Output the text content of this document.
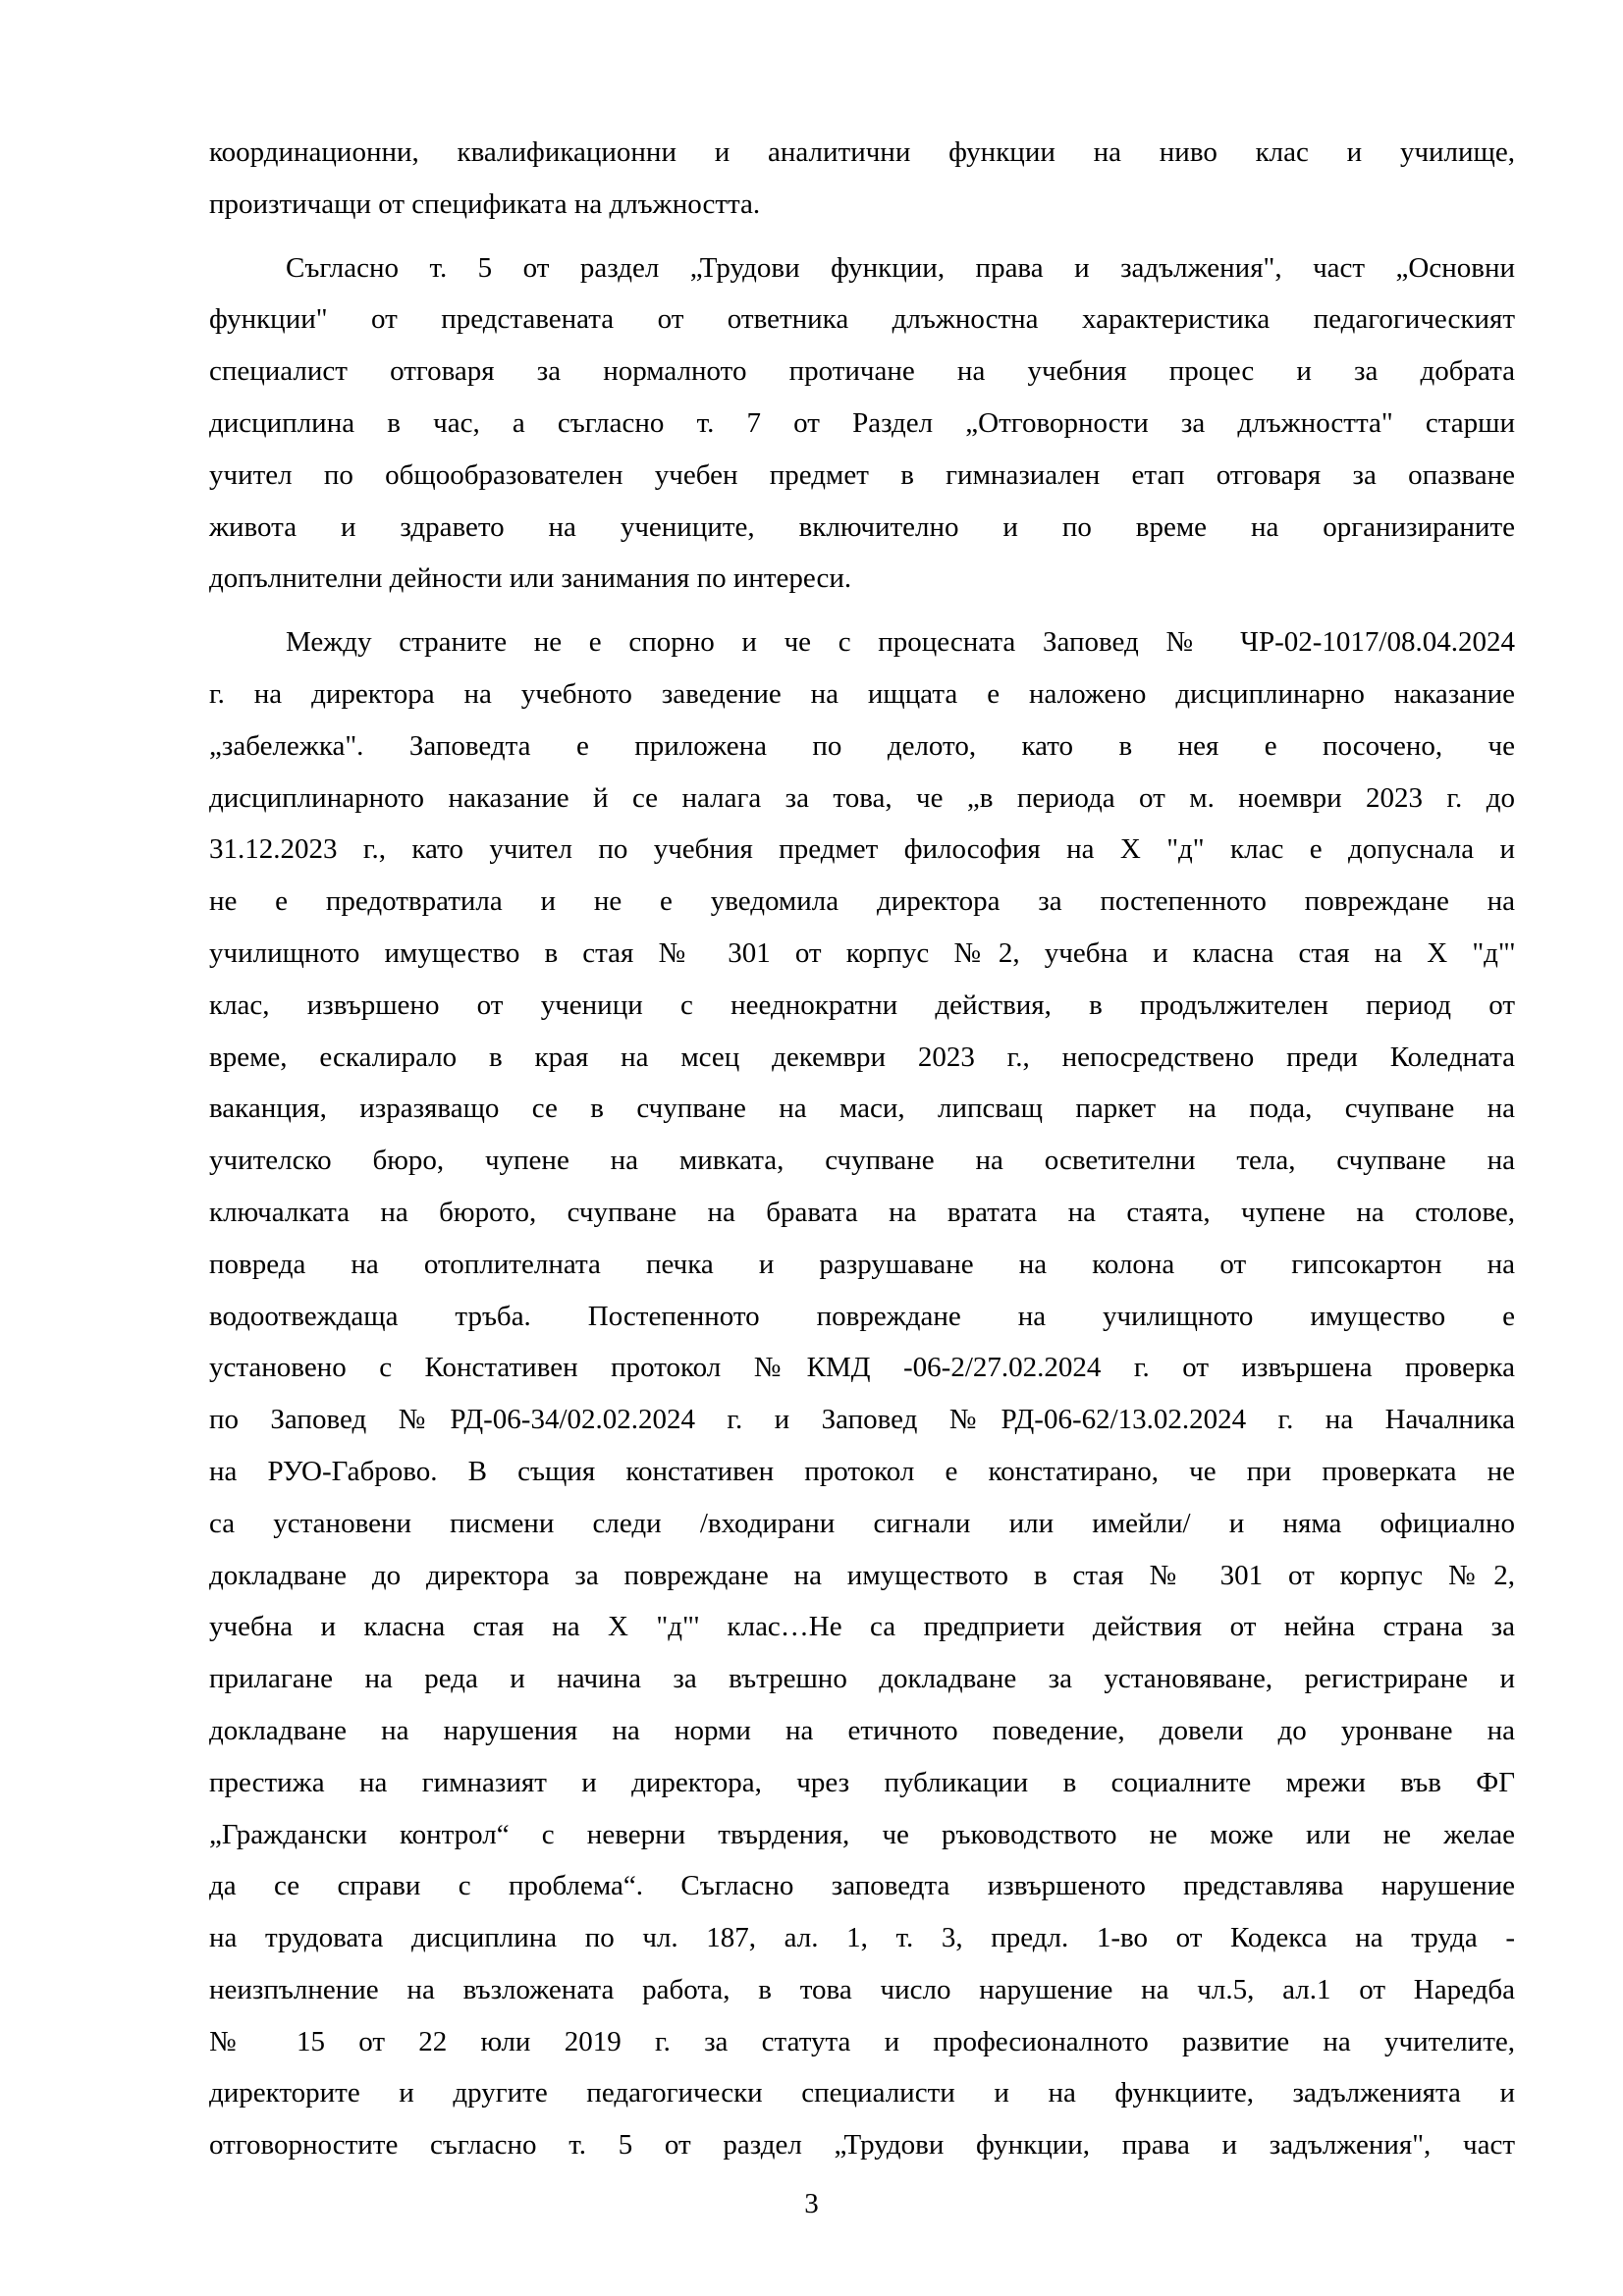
координационни, квалификационни и аналитични функции на ниво клас и училище,
произтичащи от спецификата на длъжността.
Съгласно т. 5 от раздел „Трудови функции, права и задължения", част „Основни
функции" от представената от ответника длъжностна характеристика педагогическият
специалист отговаря за нормалното протичане на учебния процес и за добрата
дисциплина в час, а съгласно т. 7 от Раздел „Отговорности за длъжността" старши
учител по общообразователен учебен предмет в гимназиален етап отговаря за опазване
живота и здравето на учениците, включително и по време на организираните
допълнителни дейности или занимания по интереси.
Между страните не е спорно и че с процесната Заповед № ЧР-02-1017/08.04.2024
г. на директора на учебното заведение на ищцата е наложено дисциплинарно наказание
„забележка". Заповедта е приложена по делото, като в нея е посочено, че
дисциплинарното наказание й се налага за това, че „в периода от м. ноември 2023 г. до
31.12.2023 г., като учител по учебния предмет философия на X "д" клас е допуснала и
не е предотвратила и не е уведомила директора за постепенното повреждане на
училищното имущество в стая № 301 от корпус №2, учебна и класна стая на X "д"'
клас, извършено от ученици с нееднократни действия, в продължителен период от
време, ескалирало в края на мсец декември 2023 г., непосредствено преди Коледната
ваканция, изразяващо се в счупване на маси, липсващ паркет на пода, счупване на
учителско бюро, чупене на мивката, счупване на осветителни тела, счупване на
ключалката на бюрото, счупване на бравата на вратата на стаята, чупене на столове,
повреда на отоплителната печка и разрушаване на колона от гипсокартон на
водоотвеждаща тръба. Постепенното повреждане на училищното имущество е
установено с Констативен протокол №КМД -06-2/27.02.2024 г. от извършена проверка
по Заповед №РД-06-34/02.02.2024 г. и Заповед №РД-06-62/13.02.2024 г. на Началника
на РУО-Габрово. В същия констативен протокол е констатирано, че при проверката не
са установени писмени следи /входирани сигнали или имейли/ и няма официално
докладване до директора за повреждане на имуществото в стая № 301 от корпус №2,
учебна и класна стая на X "д"' клас…Не са предприети действия от нейна страна за
прилагане на реда и начина за вътрешно докладване за установяване, регистриране и
докладване на нарушения на норми на етичното поведение, довели до уронване на
престижа на гимназият и директора, чрез публикации в социалните мрежи във ФГ
„Граждански контрол“ с неверни твърдения, че ръководството не може или не желае
да се справи с проблема“. Съгласно заповедта извършеното представлява нарушение
на трудовата дисциплина по чл. 187, ал. 1, т. 3, предл. 1-во от Кодекса на труда -
неизпълнение на възложената работа, в това число нарушение на чл.5, ал.1 от Наредба
№ 15 от 22 юли 2019 г. за статута и професионалното развитие на учителите,
директорите и другите педагогически специалисти и на функциите, задълженията и
отговорностите съгласно т. 5 от раздел „Трудови функции, права и задължения", част
3
